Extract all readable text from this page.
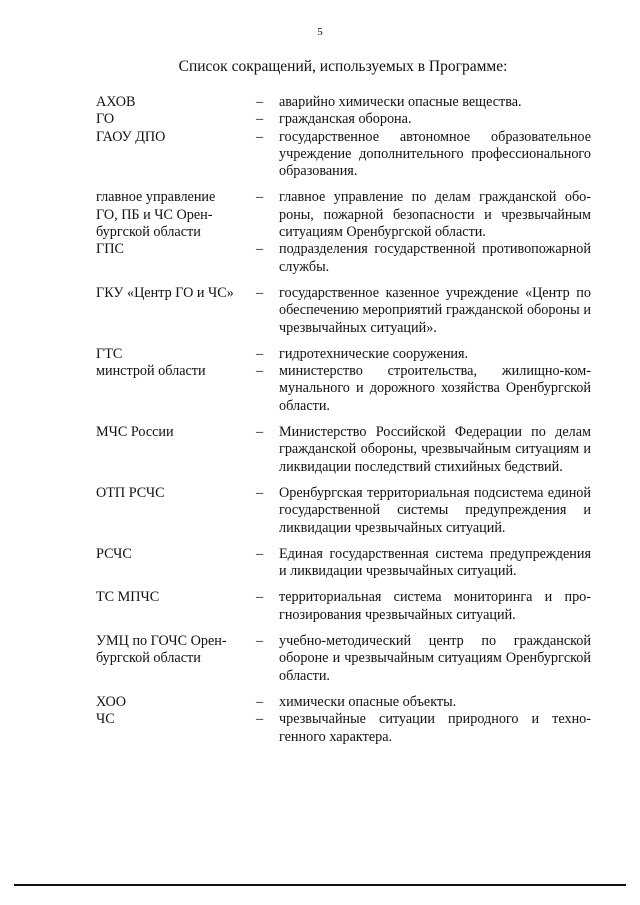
5
Список сокращений, используемых в Программе:
АХОВ	–	аварийно химически опасные вещества.
ГО	–	гражданская оборона.
ГАОУ ДПО	–	государственное автономное образовательное учреждение дополнительного профессионального образования.
главное управление
ГО, ПБ и ЧС Орен-
бургской области
–	главное управление по делам гражданской обороны, пожарной безопасности и чрезвычайным ситуациям Оренбургской области.
ГПС	–	подразделения государственной противопожарной службы.
ГКУ «Центр ГО и ЧС»	–	государственное казенное учреждение «Центр по обеспечению мероприятий гражданской обороны и чрезвычайных ситуаций».
ГТС	–	гидротехнические сооружения.
минстрой области	–	министерство строительства, жилищно-коммунального и дорожного хозяйства Оренбургской области.
МЧС России	–	Министерство Российской Федерации по делам гражданской обороны, чрезвычайным ситуациям и ликвидации последствий стихийных бедствий.
ОТП РСЧС	–	Оренбургская территориальная подсистема единой государственной системы предупреждения и ликвидации чрезвычайных ситуаций.
РСЧС	–	Единая государственная система предупреждения и ликвидации чрезвычайных ситуаций.
ТС МПЧС	–	территориальная система мониторинга и прогнозирования чрезвычайных ситуаций.
УМЦ по ГОЧС Орен-
бургской области
–	учебно-методический центр по гражданской обороне и чрезвычайным ситуациям Оренбургской области.
ХОО	–	химически опасные объекты.
ЧС	–	чрезвычайные ситуации природного и техногенного характера.
